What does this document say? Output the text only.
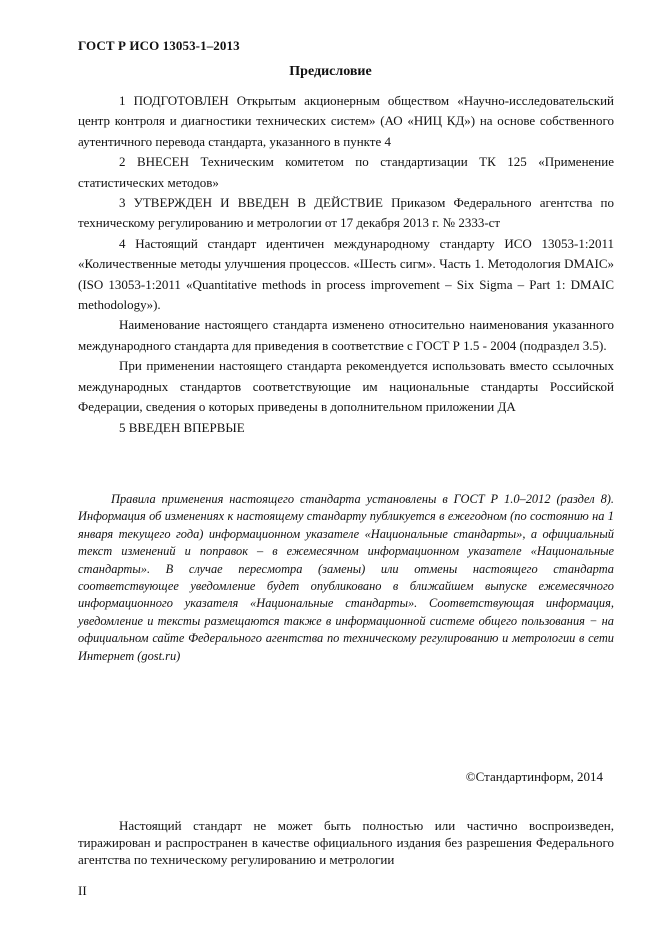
ГОСТ Р ИСО 13053-1–2013
Предисловие

1 ПОДГОТОВЛЕН Открытым акционерным обществом «Научно-исследовательский центр контроля и диагностики технических систем» (АО «НИЦ КД») на основе собственного аутентичного перевода стандарта, указанного в пункте 4

2 ВНЕСЕН Техническим комитетом по стандартизации ТК 125 «Применение статистических методов»

3 УТВЕРЖДЕН И ВВЕДЕН В ДЕЙСТВИЕ Приказом Федерального агентства по техническому регулированию и метрологии от 17 декабря 2013 г. № 2333-ст

4 Настоящий стандарт идентичен международному стандарту ИСО 13053-1:2011 «Количественные методы улучшения процессов. «Шесть сигм». Часть 1. Методология DMAIC» (ISO 13053-1:2011 «Quantitative methods in process improvement – Six Sigma – Part 1: DMAIC methodology»).

Наименование настоящего стандарта изменено относительно наименования указанного международного стандарта для приведения в соответствие с ГОСТ Р 1.5 - 2004 (подраздел 3.5).

При применении настоящего стандарта рекомендуется использовать вместо ссылочных международных стандартов соответствующие им национальные стандарты Российской Федерации, сведения о которых приведены в дополнительном приложении ДА

5 ВВЕДЕН ВПЕРВЫЕ

Правила применения настоящего стандарта установлены в ГОСТ Р 1.0–2012 (раздел 8). Информация об изменениях к настоящему стандарту публикуется в ежегодном (по состоянию на 1 января текущего года) информационном указателе «Национальные стандарты», а официальный текст изменений и поправок – в ежемесячном информационном указателе «Национальные стандарты». В случае пересмотра (замены) или отмены настоящего стандарта соответствующее уведомление будет опубликовано в ближайшем выпуске ежемесячного информационного указателя «Национальные стандарты». Соответствующая информация, уведомление и тексты размещаются также в информационной системе общего пользования − на официальном сайте Федерального агентства по техническому регулированию и метрологии в сети Интернет (gost.ru)

©Стандартинформ, 2014

Настоящий стандарт не может быть полностью или частично воспроизведен, тиражирован и распространен в качестве официального издания без разрешения Федерального агентства по техническому регулированию и метрологии

II
